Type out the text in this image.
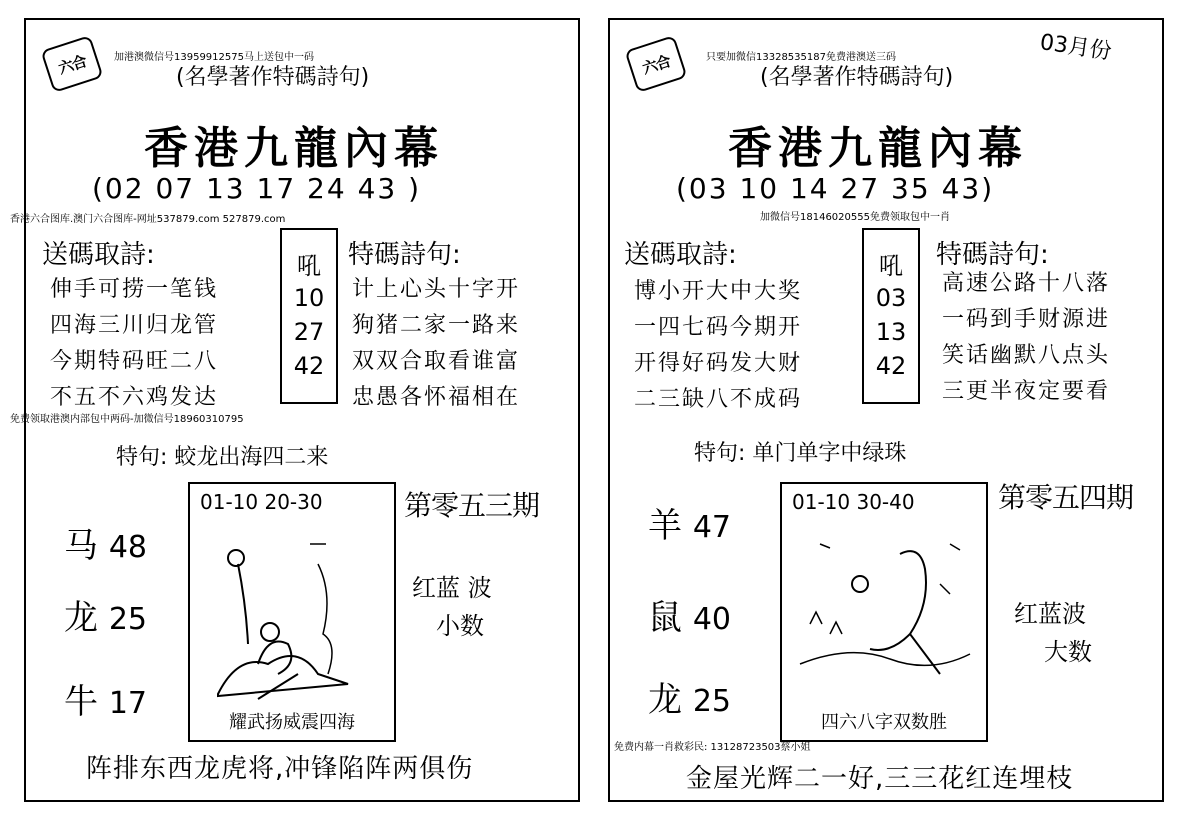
六合	加港澳微信号13959912575马上送包中一码
(名學著作特碼詩句)
香港九龍內幕
(02 07 13 17 24 43 )
香港六合图库.澳门六合图库-网址537879.com 527879.com
送碼取詩:
伸手可捞一笔钱
四海三川归龙管
今期特码旺二八
不五不六鸡发达
吼
10
27
42
特碼詩句:
计上心头十字开
狗猪二家一路来
双双合取看谁富
忠愚各怀福相在
免费领取港澳内部包中两码-加微信号18960310795
特句: 蛟龙出海四二来
马 48
龙 25
牛 17
01-10 20-30
耀武扬威震四海
第零五三期
红蓝 波
小数
阵排东西龙虎将,冲锋陷阵两俱伤
六合	只要加微信13328535187免费港澳送三码	03月份
(名學著作特碼詩句)
香港九龍內幕
(03 10 14 27 35 43)
加微信号18146020555免费领取包中一肖
送碼取詩:
博小开大中大奖
一四七码今期开
开得好码发大财
二三缺八不成码
吼
03
13
42
特碼詩句:
高速公路十八落
一码到手财源进
笑话幽默八点头
三更半夜定要看
特句: 单门单字中绿珠
羊 47
鼠 40
龙 25
01-10 30-40
四六八字双数胜
第零五四期
红蓝波
大数
免费内幕一肖救彩民: 13128723503蔡小姐
金屋光辉二一好,三三花红连埋枝
